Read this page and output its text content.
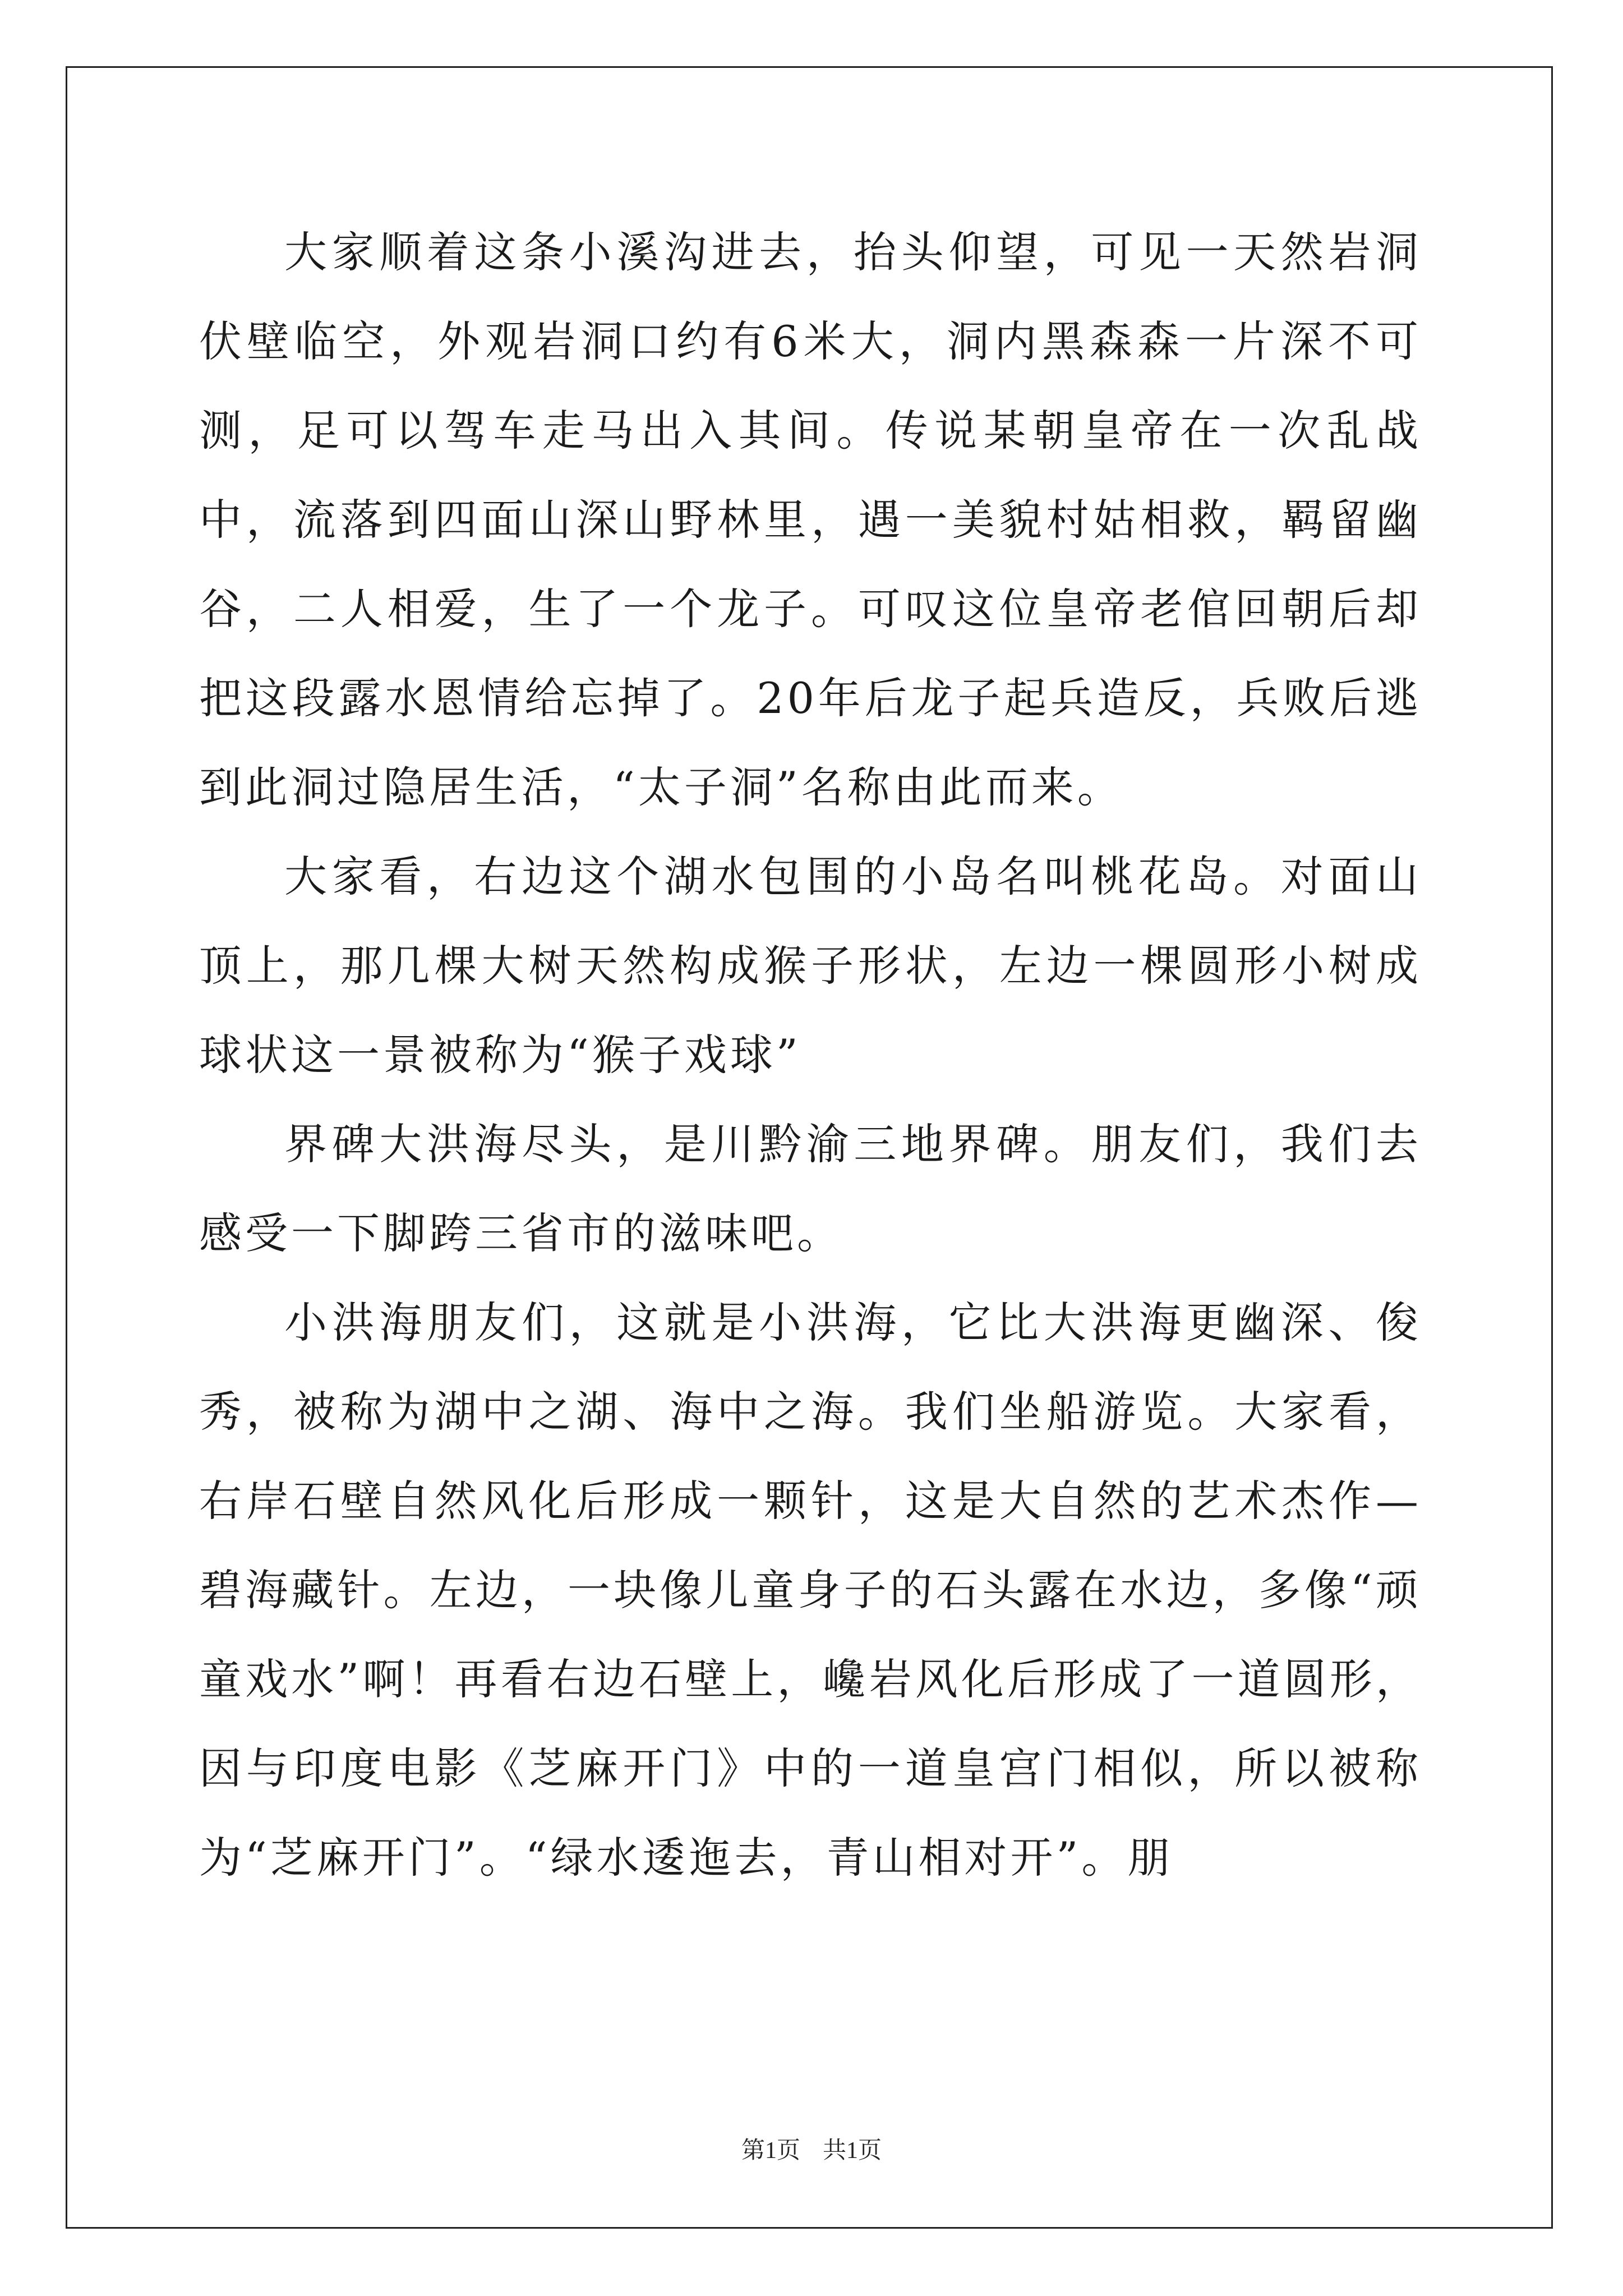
大家顺着这条小溪沟进去，抬头仰望，可见一天然岩洞伏壁临空，外观岩洞口约有6米大，洞内黑森森一片深不可测，足可以驾车走马出入其间。传说某朝皇帝在一次乱战中，流落到四面山深山野林里，遇一美貌村姑相救，羁留幽谷，二人相爱，生了一个龙子。可叹这位皇帝老倌回朝后却把这段露水恩情给忘掉了。20年后龙子起兵造反，兵败后逃到此洞过隐居生活，“太子洞”名称由此而来。

大家看，右边这个湖水包围的小岛名叫桃花岛。对面山顶上，那几棵大树天然构成猴子形状，左边一棵圆形小树成球状这一景被称为“猴子戏球”

界碑大洪海尽头，是川黔渝三地界碑。朋友们，我们去感受一下脚跨三省市的滋味吧。

小洪海朋友们，这就是小洪海，它比大洪海更幽深、俊秀，被称为湖中之湖、海中之海。我们坐船游览。大家看，右岸石壁自然风化后形成一颗针，这是大自然的艺术杰作—碧海藏针。左边，一块像儿童身子的石头露在水边，多像“顽童戏水”啊！再看右边石壁上，巉岩风化后形成了一道圆形，因与印度电影《芝麻开门》中的一道皇宫门相似，所以被称为“芝麻开门”。“绿水逶迤去，青山相对开”。朋

第1页 共1页
